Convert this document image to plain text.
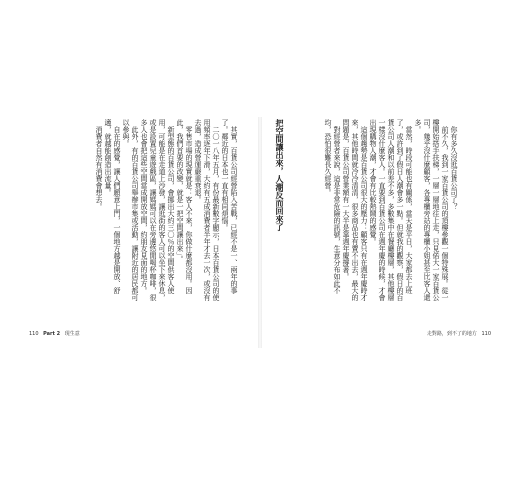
其實，百貨公司經營陷入苦戰，已經不是一、兩年的事了。鄰近的日本也一直有相同煩惱。

二〇一八年五月，有份最新數字顯示，日本百貨公司的使用頻率逐年下滑，大約有五成消費者半年才去一次，或沒有去過，造成營運嚴重衰退。

零售市場的現實就是：客人不來，你做什麼都沒用。因此，我們首要的改變，就是一把空間讓出來」。

新型態的百貨公司，會挪出大約三〇％的空間供客人使用，可能是在走道上沙發，讓逛街的客人可以坐下來休息，或是設置兒童遊戲區，讓媽媽可以在旁邊悠閒喝杯咖啡，很多人也會把這些空間當成開放空間，約朋友見面的地方。

此外，有的百貨公司舉辦市集或活動，讓附近的居民都可以參與。

自在的感覺，讓人們願意上門，一個地方越是開放、舒適，就越能創造出流量。

消費者自然有消費會想去。

110 Part 2 現生意

你有多久沒逛百貨公司了？

前不久，我到一家百貨公司的頂樓參觀一個特殊展。從一樓開始搭手扶梯，一層一層地往上走，只見偌大一家百貨公司，幾乎沒什麼顧客，各專櫃旁站的專櫃小姐甚至比客人還多。

當然，時段可能也有關係，當天是平日，大家都去上班了，或許到了假日人潮會多一點。但就我的觀察，假日的百貨公司人潮和以前差不多，多數集中在餐廳樓層，其他樓層一樣沒什麼客人。一直要到百貨公司在週年慶的時候，才會出現購物人潮，才會有比較熱鬧的感覺。

這個趨勢是百貨公司很大的壓力：顧客只有在週年慶時才來，其他時間就冷冷清清，很多商品也有賣不出去，最大的問題是，百貨公司營業額有一大半是靠週年慶撐著。

對經營者來說，這是非常危險的訊號，生意分布如此不均，恐怕很難長久經營。

把空間讓出來，人潮反而回來了
走對路，到不了的地方 110
